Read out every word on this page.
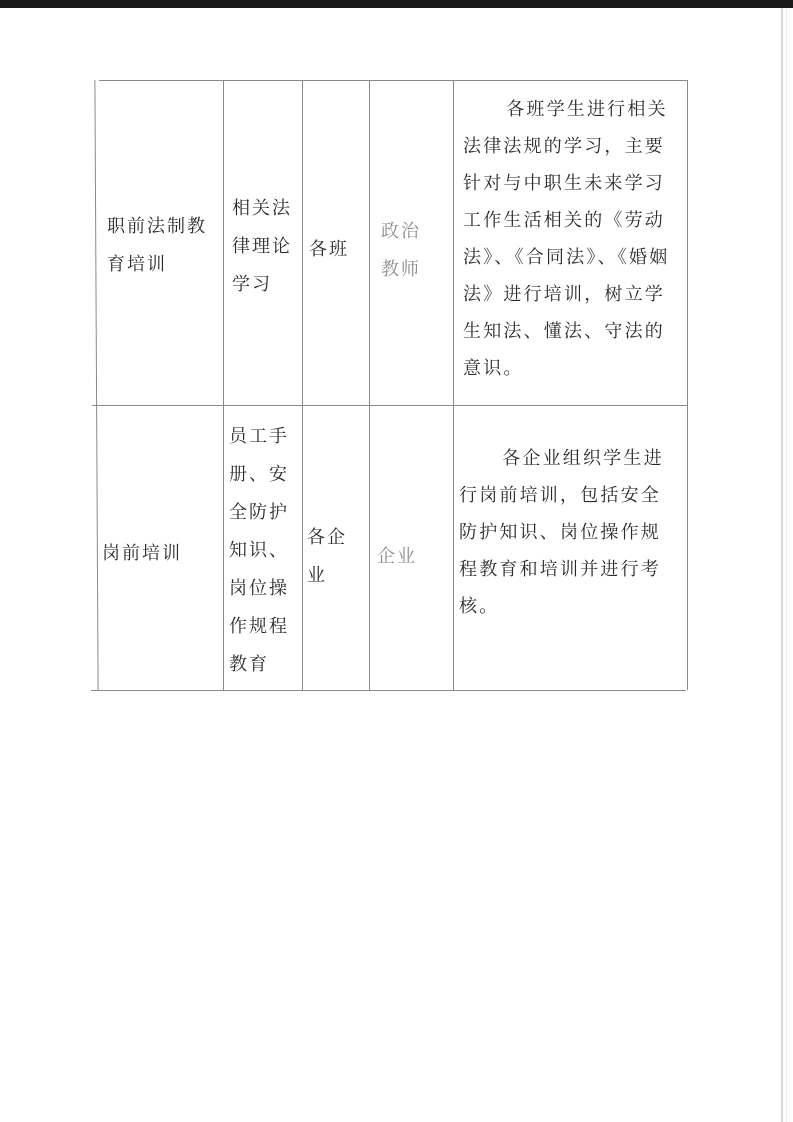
职前法制教育培训
相关法律理论学习
各班
政治教师
各班学生进行相关法律法规的学习，主要针对与中职生未来学习工作生活相关的《劳动法》、《合同法》、《婚姻法》进行培训，树立学生知法、懂法、守法的意识。
岗前培训
员工手册、安全防护知识、岗位操作规程教育
各企业
企业
各企业组织学生进行岗前培训，包括安全防护知识、岗位操作规程教育和培训并进行考核。
